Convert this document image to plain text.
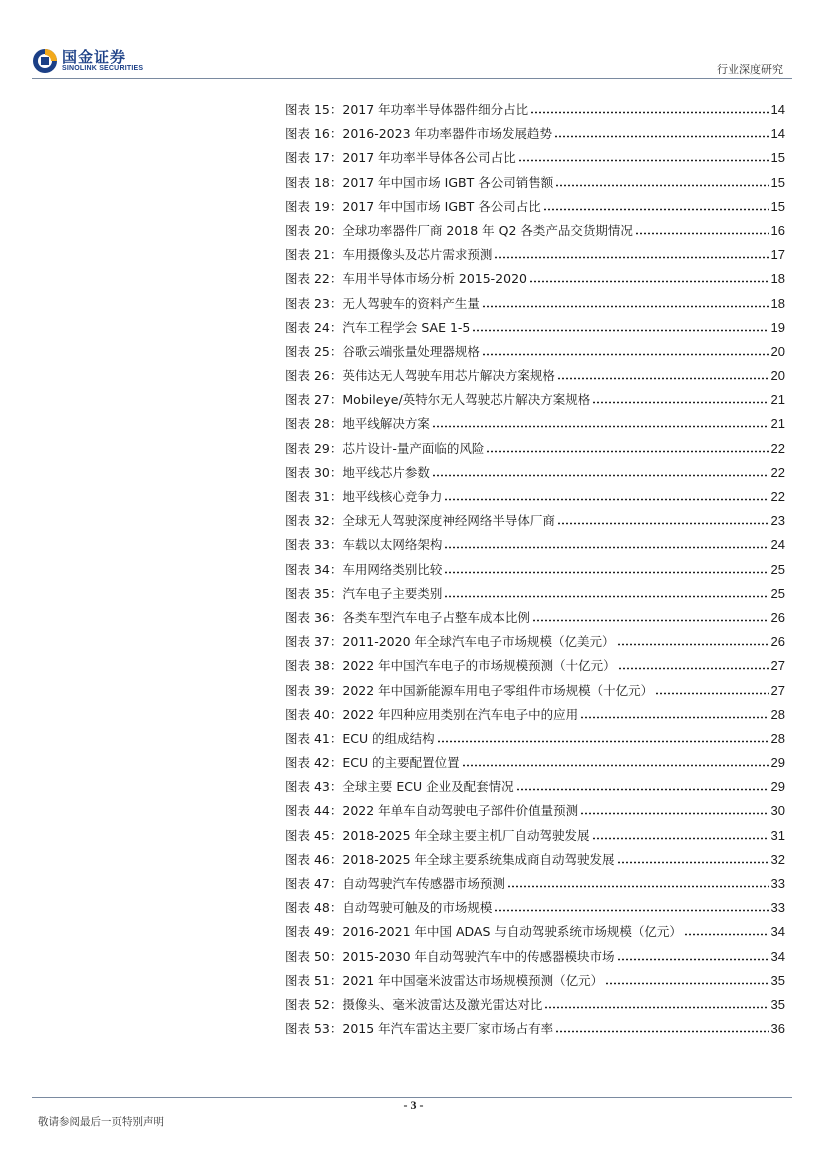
国金证券
SINOLINK SECURITIES	行业深度研究
图表 15： 2017 年功率半导体器件细分占比	14
图表 16： 2016-2023 年功率器件市场发展趋势	14
图表 17： 2017 年功率半导体各公司占比	15
图表 18： 2017 年中国市场 IGBT 各公司销售额	15
图表 19： 2017 年中国市场 IGBT 各公司占比	15
图表 20： 全球功率器件厂商 2018 年 Q2 各类产品交货期情况	16
图表 21： 车用摄像头及芯片需求预测	17
图表 22： 车用半导体市场分析 2015-2020	18
图表 23： 无人驾驶车的资料产生量	18
图表 24： 汽车工程学会 SAE 1-5	19
图表 25： 谷歌云端张量处理器规格	20
图表 26： 英伟达无人驾驶车用芯片解决方案规格	20
图表 27： Mobileye/英特尔无人驾驶芯片解决方案规格	21
图表 28： 地平线解决方案	21
图表 29： 芯片设计-量产面临的风险	22
图表 30： 地平线芯片参数	22
图表 31： 地平线核心竞争力	22
图表 32： 全球无人驾驶深度神经网络半导体厂商	23
图表 33： 车载以太网络架构	24
图表 34： 车用网络类别比较	25
图表 35： 汽车电子主要类别	25
图表 36： 各类车型汽车电子占整车成本比例	26
图表 37： 2011-2020 年全球汽车电子市场规模（亿美元）	26
图表 38： 2022 年中国汽车电子的市场规模预测（十亿元）	27
图表 39： 2022 年中国新能源车用电子零组件市场规模（十亿元）	27
图表 40： 2022 年四种应用类别在汽车电子中的应用	28
图表 41： ECU 的组成结构	28
图表 42： ECU 的主要配置位置	29
图表 43： 全球主要 ECU 企业及配套情况	29
图表 44： 2022 年单车自动驾驶电子部件价值量预测	30
图表 45： 2018-2025 年全球主要主机厂自动驾驶发展	31
图表 46： 2018-2025 年全球主要系统集成商自动驾驶发展	32
图表 47： 自动驾驶汽车传感器市场预测	33
图表 48： 自动驾驶可触及的市场规模	33
图表 49： 2016-2021 年中国 ADAS 与自动驾驶系统市场规模（亿元）	34
图表 50： 2015-2030 年自动驾驶汽车中的传感器模块市场	34
图表 51： 2021 年中国毫米波雷达市场规模预测（亿元）	35
图表 52： 摄像头、毫米波雷达及激光雷达对比	35
图表 53： 2015 年汽车雷达主要厂家市场占有率	36
- 3 -
敬请参阅最后一页特别声明
